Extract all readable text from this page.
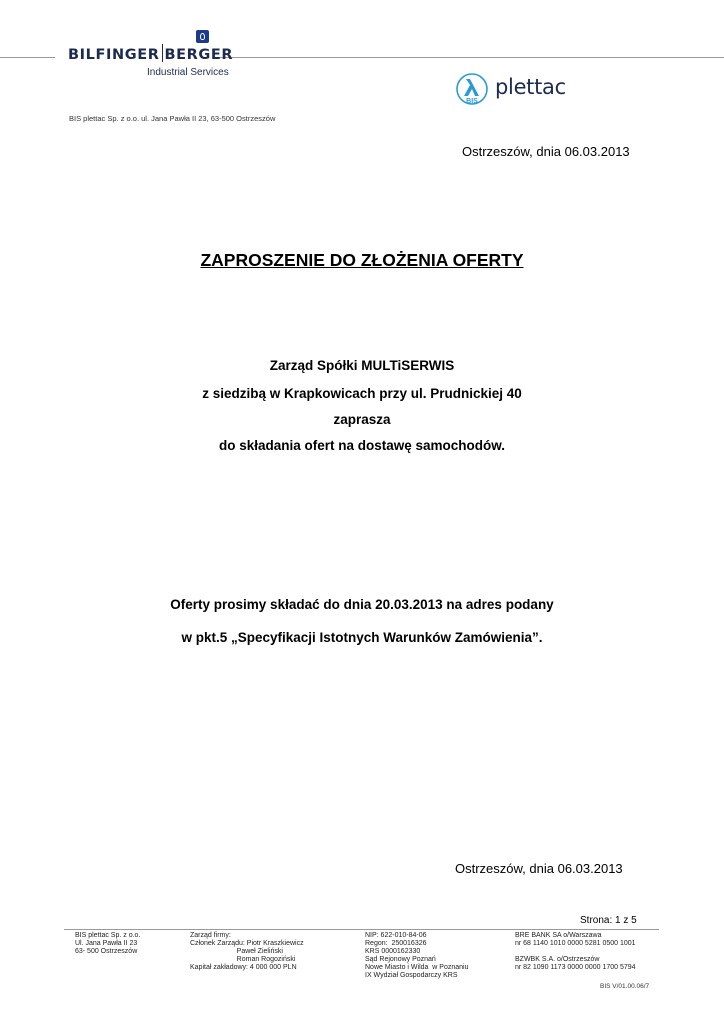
BILFINGER BERGER
Industrial Services
BIS
plettac
BIS plettac Sp. z o.o. ul. Jana Pawła II 23, 63-500 Ostrzeszów
Ostrzeszów, dnia 06.03.2013
ZAPROSZENIE DO ZŁOŻENIA OFERTY
Zarząd Spółki MULTiSERWIS
z siedzibą w Krapkowicach przy ul. Prudnickiej 40
zaprasza
do składania ofert na dostawę samochodów.
Oferty prosimy składać do dnia 20.03.2013 na adres podany
w pkt.5 „Specyfikacji Istotnych Warunków Zamówienia”.
Ostrzeszów, dnia 06.03.2013
Strona: 1 z 5
BIS plettac Sp. z o.o.
Ul. Jana Pawła II 23
63- 500 Ostrzeszów
Zarząd firmy:
Członek Zarządu: Piotr Kraszkiewicz
Paweł Zieliński
Roman Rogoziński
Kapitał zakładowy: 4 000 000 PLN
NIP: 622-010-84-06
Regon:  250016326
KRS 0000162330
Sąd Rejonowy Poznań
Nowe Miasto i Wilda  w Poznaniu
IX Wydział Gospodarczy KRS
BRE BANK SA o/Warszawa
nr 68 1140 1010 0000 5281 0500 1001

BZWBK S.A. o/Ostrzeszów
nr 82 1090 1173 0000 0000 1700 5794
BIS V/01.00.06/7
